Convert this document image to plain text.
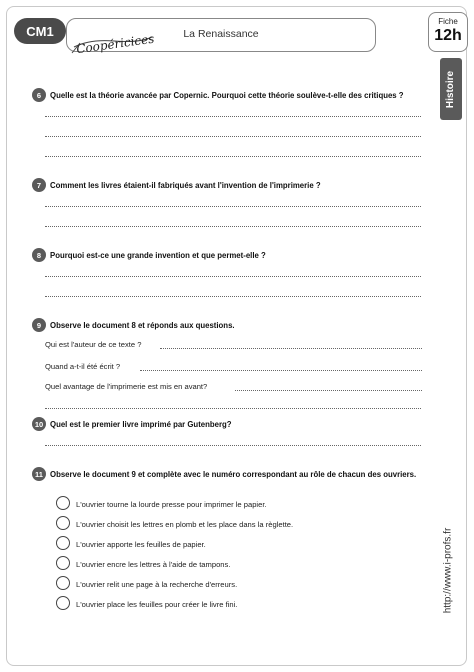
La Renaissance
CM1
Coopéricices
Fiche
12h
Histoire
http://www.i-profs.fr
6	Quelle est la théorie avancée par Copernic. Pourquoi cette théorie soulève-t-elle des critiques ?
7	Comment les livres étaient-il fabriqués avant l'invention de l'imprimerie ?
8	Pourquoi est-ce une grande invention et que permet-elle ?
9	Observe le document 8 et réponds aux questions.
Qui est l'auteur de ce texte ?
Quand a-t-il été écrit ?
Quel avantage de l'imprimerie est mis en avant?
10 Quel est le premier livre imprimé par Gutenberg?
11 Observe le document 9 et complète avec le numéro correspondant au rôle de chacun des ouvriers.
L'ouvrier tourne la lourde presse pour imprimer le papier.
L'ouvrier choisit les lettres en plomb et les place dans la règlette.
L'ouvrier apporte les feuilles de papier.
L'ouvrier encre les lettres à l'aide de tampons.
L'ouvrier relit une page à la recherche d'erreurs.
L'ouvrier place les feuilles pour créer le livre fini.
